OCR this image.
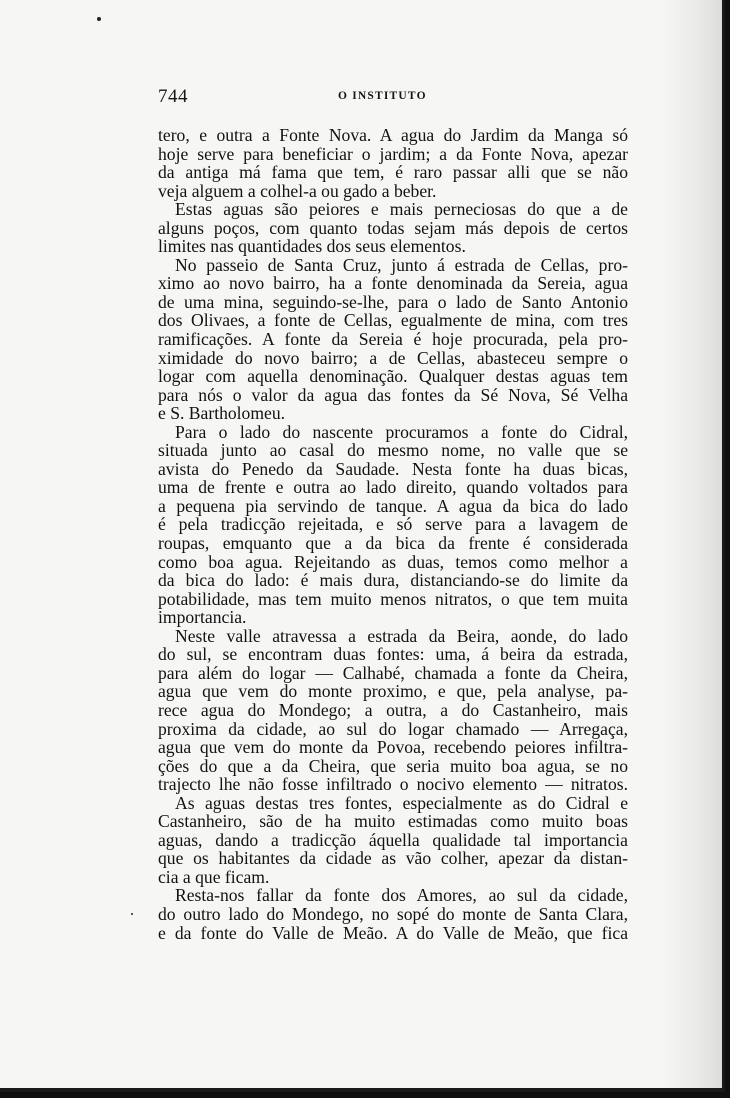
744	O INSTITUTO
tero, e outra a Fonte Nova. A agua do Jardim da Manga só
hoje serve para beneficiar o jardim; a da Fonte Nova, apezar
da antiga má fama que tem, é raro passar alli que se não
veja alguem a colhel-a ou gado a beber.
Estas aguas são peiores e mais perneciosas do que a de
alguns poços, com quanto todas sejam más depois de certos
limites nas quantidades dos seus elementos.
No passeio de Santa Cruz, junto á estrada de Cellas, pro-
ximo ao novo bairro, ha a fonte denominada da Sereia, agua
de uma mina, seguindo-se-lhe, para o lado de Santo Antonio
dos Olivaes, a fonte de Cellas, egualmente de mina, com tres
ramificações. A fonte da Sereia é hoje procurada, pela pro-
ximidade do novo bairro; a de Cellas, abasteceu sempre o
logar com aquella denominação. Qualquer destas aguas tem
para nós o valor da agua das fontes da Sé Nova, Sé Velha
e S. Bartholomeu.
Para o lado do nascente procuramos a fonte do Cidral,
situada junto ao casal do mesmo nome, no valle que se
avista do Penedo da Saudade. Nesta fonte ha duas bicas,
uma de frente e outra ao lado direito, quando voltados para
a pequena pia servindo de tanque. A agua da bica do lado
é pela tradicção rejeitada, e só serve para a lavagem de
roupas, emquanto que a da bica da frente é considerada
como boa agua. Rejeitando as duas, temos como melhor a
da bica do lado: é mais dura, distanciando-se do limite da
potabilidade, mas tem muito menos nitratos, o que tem muita
importancia.
Neste valle atravessa a estrada da Beira, aonde, do lado
do sul, se encontram duas fontes: uma, á beira da estrada,
para além do logar — Calhabé, chamada a fonte da Cheira,
agua que vem do monte proximo, e que, pela analyse, pa-
rece agua do Mondego; a outra, a do Castanheiro, mais
proxima da cidade, ao sul do logar chamado — Arregaça,
agua que vem do monte da Povoa, recebendo peiores infiltra-
ções do que a da Cheira, que seria muito boa agua, se no
trajecto lhe não fosse infiltrado o nocivo elemento — nitratos.
As aguas destas tres fontes, especialmente as do Cidral e
Castanheiro, são de ha muito estimadas como muito boas
aguas, dando a tradicção áquella qualidade tal importancia
que os habitantes da cidade as vão colher, apezar da distan-
cia a que ficam.
Resta-nos fallar da fonte dos Amores, ao sul da cidade,
do outro lado do Mondego, no sopé do monte de Santa Clara,
e da fonte do Valle de Meão. A do Valle de Meão, que fica
